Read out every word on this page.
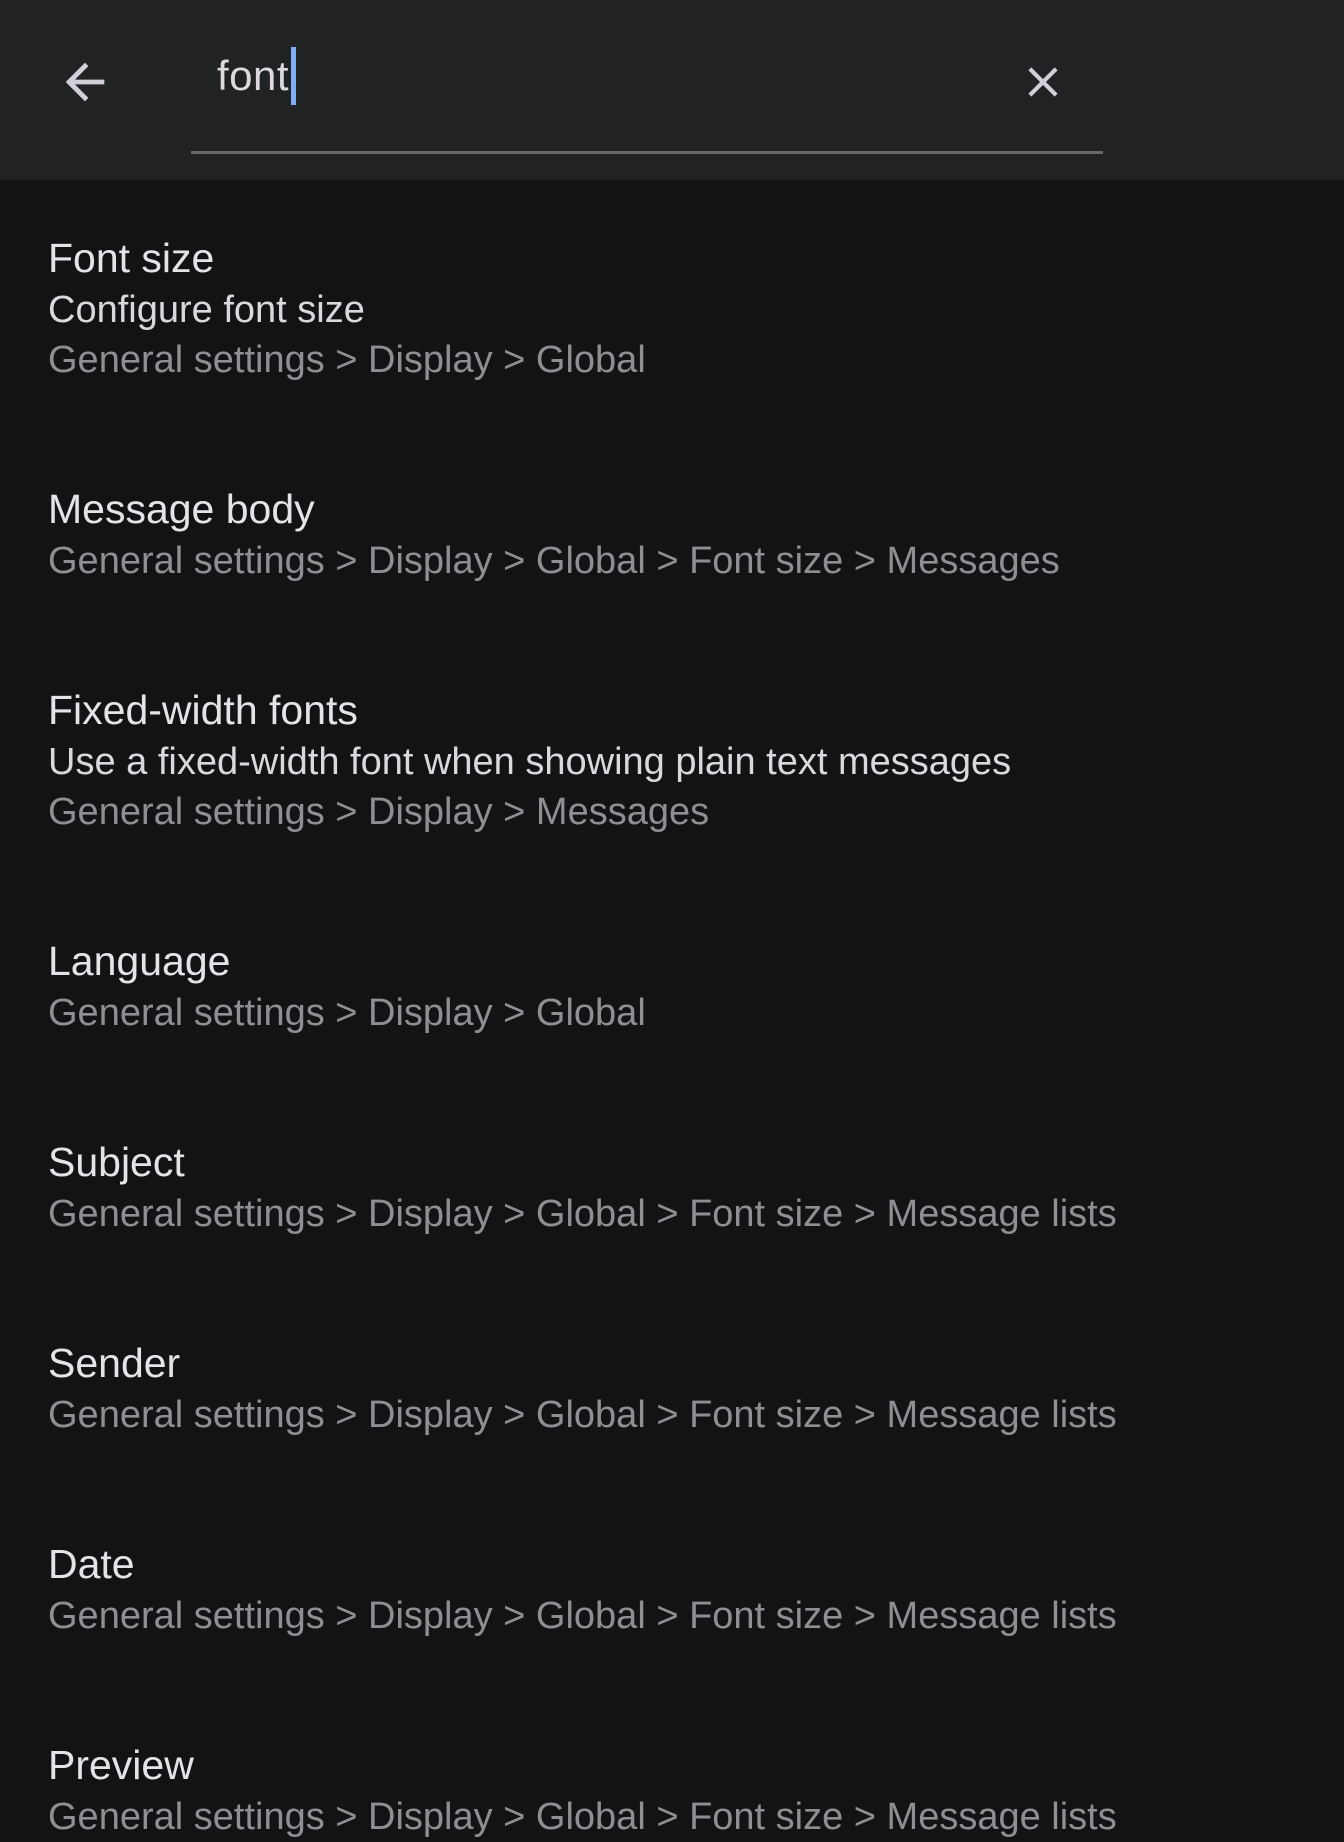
font
Font size
Configure font size
General settings > Display > Global
Message body
General settings > Display > Global > Font size > Messages
Fixed-width fonts
Use a fixed-width font when showing plain text messages
General settings > Display > Messages
Language
General settings > Display > Global
Subject
General settings > Display > Global > Font size > Message lists
Sender
General settings > Display > Global > Font size > Message lists
Date
General settings > Display > Global > Font size > Message lists
Preview
General settings > Display > Global > Font size > Message lists
